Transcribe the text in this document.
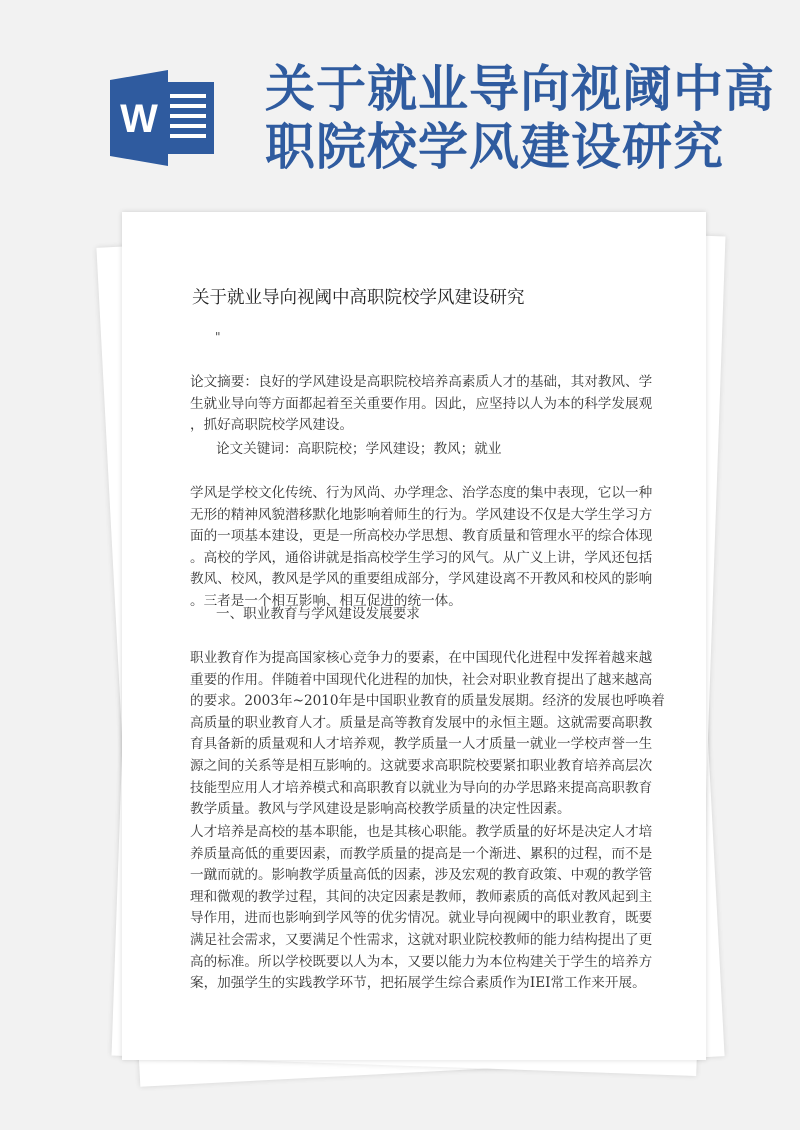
W
关于就业导向视阈中高
职院校学风建设研究
关于就业导向视阈中高职院校学风建设研究
"
论文摘要：良好的学风建设是高职院校培养高素质人才的基础，其对教风、学
生就业导向等方面都起着至关重要作用。因此，应坚持以人为本的科学发展观
，抓好高职院校学风建设。
论文关键词：高职院校；学风建设；教风；就业
学风是学校文化传统、行为风尚、办学理念、治学态度的集中表现，它以一种
无形的精神风貌潜移默化地影响着师生的行为。学风建设不仅是大学生学习方
面的一项基本建设，更是一所高校办学思想、教育质量和管理水平的综合体现
。高校的学风，通俗讲就是指高校学生学习的风气。从广义上讲，学风还包括
教风、校风，教风是学风的重要组成部分，学风建设离不开教风和校风的影响
。三者是一个相互影响、相互促进的统一体。
一、职业教育与学风建设发展要求
职业教育作为提高国家核心竞争力的要素，在中国现代化进程中发挥着越来越
重要的作用。伴随着中国现代化进程的加快，社会对职业教育提出了越来越高
的要求。2003年~2010年是中国职业教育的质量发展期。经济的发展也呼唤着
高质量的职业教育人才。质量是高等教育发展中的永恒主题。这就需要高职教
育具备新的质量观和人才培养观，教学质量一人才质量一就业一学校声誉一生
源之间的关系等是相互影响的。这就要求高职院校要紧扣职业教育培养高层次
技能型应用人才培养模式和高职教育以就业为导向的办学思路来提高高职教育
教学质量。教风与学风建设是影响高校教学质量的决定性因素。
人才培养是高校的基本职能，也是其核心职能。教学质量的好坏是决定人才培
养质量高低的重要因素，而教学质量的提高是一个渐进、累积的过程，而不是
一蹴而就的。影响教学质量高低的因素，涉及宏观的教育政策、中观的教学管
理和微观的教学过程，其间的决定因素是教师，教师素质的高低对教风起到主
导作用，进而也影响到学风等的优劣情况。就业导向视阈中的职业教育，既要
满足社会需求，又要满足个性需求，这就对职业院校教师的能力结构提出了更
高的标准。所以学校既要以人为本，又要以能力为本位构建关于学生的培养方
案，加强学生的实践教学环节，把拓展学生综合素质作为IEI常工作来开展。
